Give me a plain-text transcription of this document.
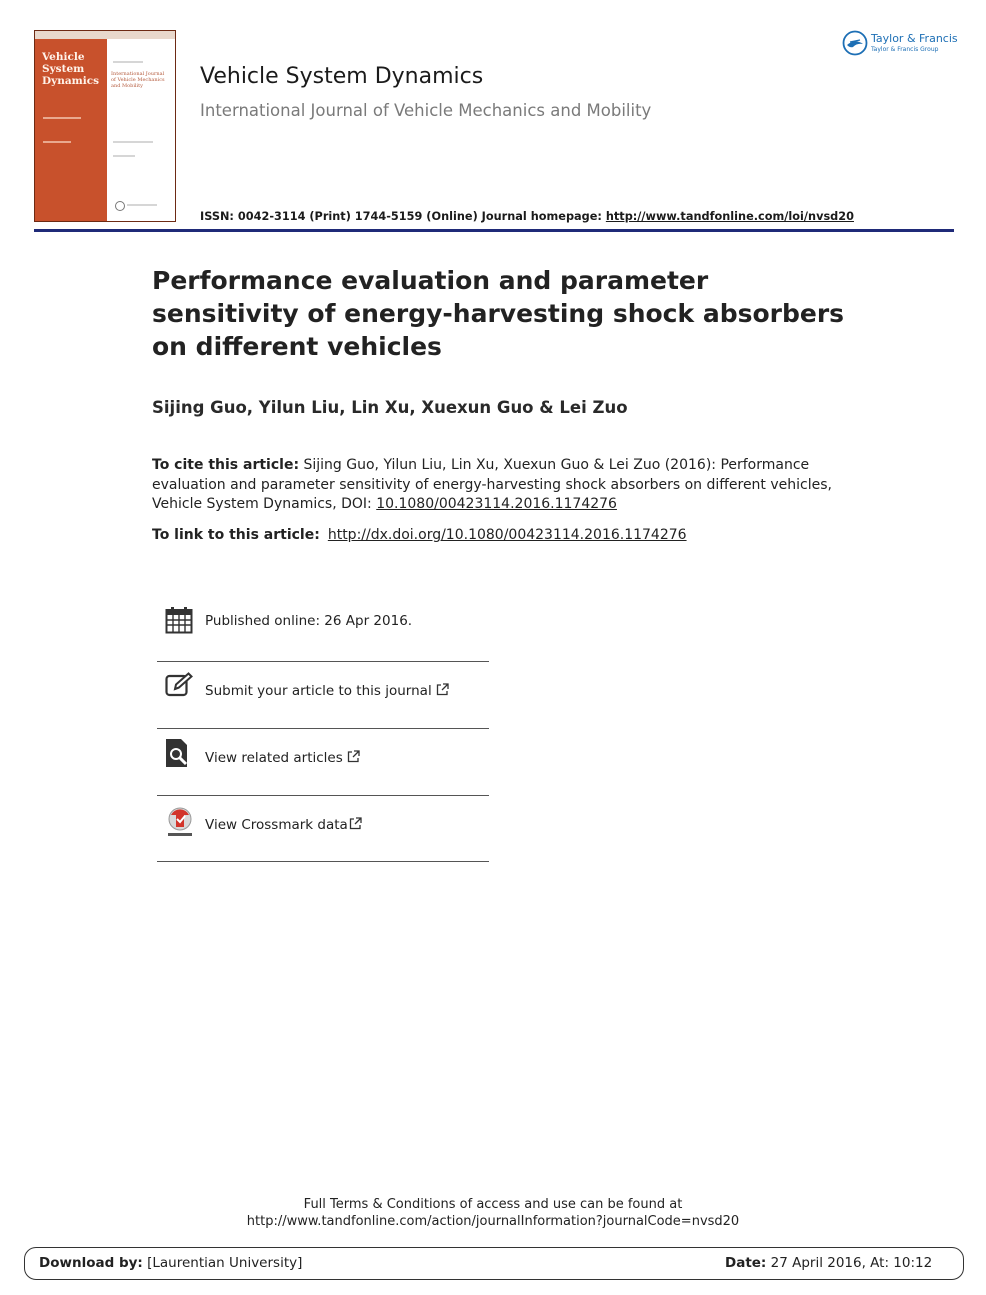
Vehicle
System
Dynamics
International Journal
of Vehicle Mechanics
and Mobility	Vehicle System Dynamics
International Journal of Vehicle Mechanics and Mobility
ISSN: 0042-3114 (Print) 1744-5159 (Online) Journal homepage: http://www.tandfonline.com/loi/nvsd20
Taylor & Francis
Taylor & Francis Group
Performance evaluation and parameter sensitivity of energy-harvesting shock absorbers on different vehicles
Sijing Guo, Yilun Liu, Lin Xu, Xuexun Guo & Lei Zuo
To cite this article: Sijing Guo, Yilun Liu, Lin Xu, Xuexun Guo & Lei Zuo (2016): Performance evaluation and parameter sensitivity of energy-harvesting shock absorbers on different vehicles, Vehicle System Dynamics, DOI: 10.1080/00423114.2016.1174276
To link to this article: http://dx.doi.org/10.1080/00423114.2016.1174276
Published online: 26 Apr 2016.
Submit your article to this journal
View related articles
View Crossmark data
Full Terms & Conditions of access and use can be found at
http://www.tandfonline.com/action/journalInformation?journalCode=nvsd20
Download by: [Laurentian University]	Date: 27 April 2016, At: 10:12
